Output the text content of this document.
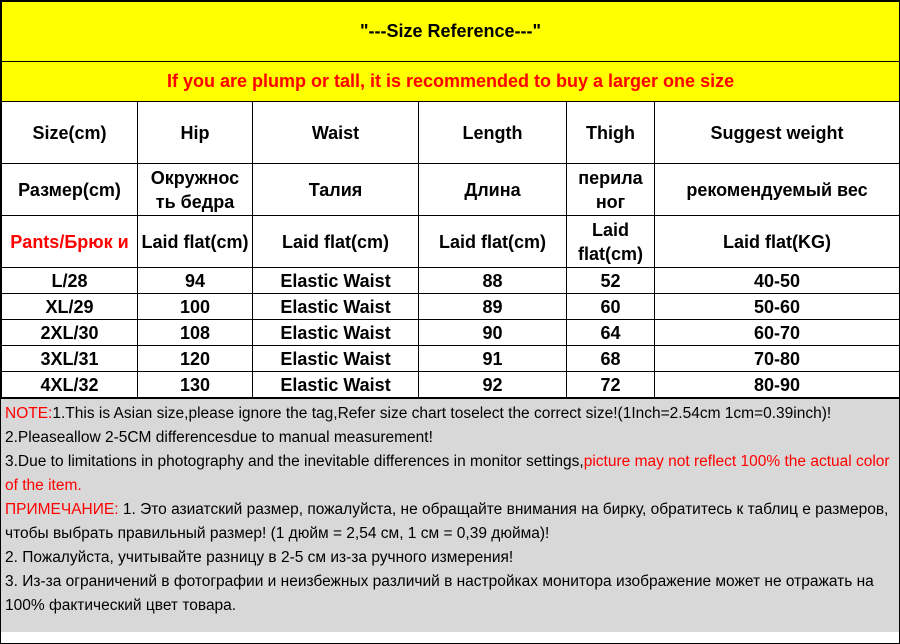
"---Size Reference---"					
If you are plump or tall, it is recommended to buy a larger one size					
Size(cm)	Hip	Waist	Length	Thigh	Suggest weight
Размер(cm)	Окружнос ть бедра	Талия	Длина	перила ног	рекомендуемый вес
Pants/Брюк и	Laid flat(cm)	Laid flat(cm)	Laid flat(cm)	Laid flat(cm)	Laid flat(KG)
L/28	94	Elastic Waist	88	52	40-50
XL/29	100	Elastic Waist	89	60	50-60
2XL/30	108	Elastic Waist	90	64	60-70
3XL/31	120	Elastic Waist	91	68	70-80
4XL/32	130	Elastic Waist	92	72	80-90

NOTE:1.This is Asian size,please ignore the tag,Refer size chart toselect the correct size!(1Inch=2.54cm 1cm=0.39inch)!

2.Pleaseallow 2-5CM differencesdue to manual measurement!

3.Due to limitations in photography and the inevitable differences in monitor settings,picture may not reflect 100% the actual color of the item.

ПРИМЕЧАНИЕ: 1. Это азиатский размер, пожалуйста, не обращайте внимания на бирку, обратитесь к таблиц е размеров, чтобы выбрать правильный размер! (1 дюйм = 2,54 см, 1 см = 0,39 дюйма)!

2. Пожалуйста, учитывайте разницу в 2-5 см из-за ручного измерения!

3. Из-за ограничений в фотографии и неизбежных различий в настройках монитора изображение может не отражать на 100% фактический цвет товара.
